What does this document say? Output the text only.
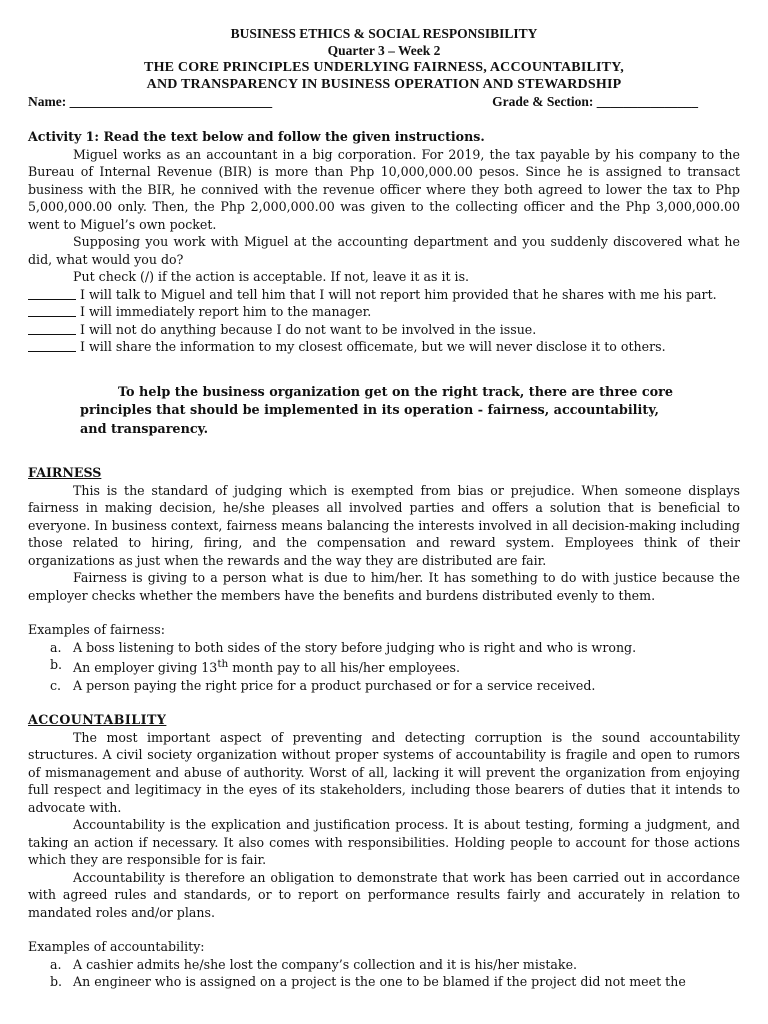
BUSINESS ETHICS & SOCIAL RESPONSIBILITY
Quarter 3 – Week 2
THE CORE PRINCIPLES UNDERLYING FAIRNESS, ACCOUNTABILITY,
AND TRANSPARENCY IN BUSINESS OPERATION AND STEWARDSHIP
Name: ______________________________	Grade & Section: _______________

Activity 1: Read the text below and follow the given instructions.

Miguel works as an accountant in a big corporation. For 2019, the tax payable by his company to the Bureau of Internal Revenue (BIR) is more than Php 10,000,000.00 pesos. Since he is assigned to transact business with the BIR, he connived with the revenue officer where they both agreed to lower the tax to Php 5,000,000.00 only. Then, the Php 2,000,000.00 was given to the collecting officer and the Php 3,000,000.00 went to Miguel’s own pocket.

Supposing you work with Miguel at the accounting department and you suddenly discovered what he did, what would you do?

Put check (/) if the action is acceptable. If not, leave it as it is.

I will talk to Miguel and tell him that I will not report him provided that he shares with me his part.
I will immediately report him to the manager.
I will not do anything because I do not want to be involved in the issue.
I will share the information to my closest officemate, but we will never disclose it to others.

To help the business organization get on the right track, there are three core principles that should be implemented in its operation - fairness, accountability, and transparency.

FAIRNESS

This is the standard of judging which is exempted from bias or prejudice. When someone displays fairness in making decision, he/she pleases all involved parties and offers a solution that is beneficial to everyone. In business context, fairness means balancing the interests involved in all decision-making including those related to hiring, firing, and the compensation and reward system. Employees think of their organizations as just when the rewards and the way they are distributed are fair.

Fairness is giving to a person what is due to him/her. It has something to do with justice because the employer checks whether the members have the benefits and burdens distributed evenly to them.

Examples of fairness:

a. A boss listening to both sides of the story before judging who is right and who is wrong.
b. An employer giving 13th month pay to all his/her employees.
c. A person paying the right price for a product purchased or for a service received.

ACCOUNTABILITY

The most important aspect of preventing and detecting corruption is the sound accountability structures. A civil society organization without proper systems of accountability is fragile and open to rumors of mismanagement and abuse of authority. Worst of all, lacking it will prevent the organization from enjoying full respect and legitimacy in the eyes of its stakeholders, including those bearers of duties that it intends to advocate with.

Accountability is the explication and justification process. It is about testing, forming a judgment, and taking an action if necessary. It also comes with responsibilities. Holding people to account for those actions which they are responsible for is fair.

Accountability is therefore an obligation to demonstrate that work has been carried out in accordance with agreed rules and standards, or to report on performance results fairly and accurately in relation to mandated roles and/or plans.

Examples of accountability:

a. A cashier admits he/she lost the company’s collection and it is his/her mistake.
b. An engineer who is assigned on a project is the one to be blamed if the project did not meet the
